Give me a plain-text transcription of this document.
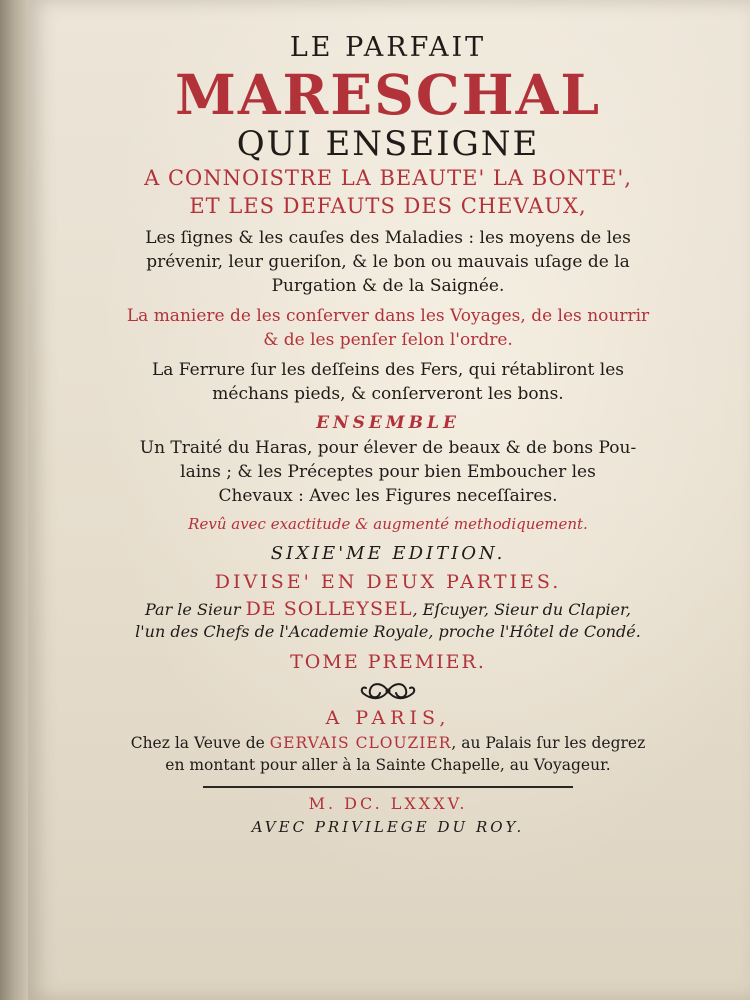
LE PARFAIT
MARESCHAL
QUI ENSEIGNE
A CONNOISTRE LA BEAUTE' LA BONTE',
ET LES DEFAUTS DES CHEVAUX,
Les ſignes & les cauſes des Maladies : les moyens de les
prévenir, leur gueriſon, & le bon ou mauvais uſage de la
Purgation & de la Saignée.
La maniere de les conſerver dans les Voyages, de les nourrir
& de les penſer ſelon l'ordre.
La Ferrure ſur les deſſeins des Fers, qui rétabliront les
méchans pieds, & conſerveront les bons.
ENSEMBLE
Un Traité du Haras, pour élever de beaux & de bons Pou-
lains ; & les Préceptes pour bien Emboucher les
Chevaux : Avec les Figures neceſſaires.
Revû avec exactitude & augmenté methodiquement.
SIXIE'ME EDITION.
DIVISE' EN DEUX PARTIES.
Par le Sieur DE SOLLEYSEL, Eſcuyer, Sieur du Clapier,
l'un des Chefs de l'Academie Royale, proche l'Hôtel de Condé.
TOME PREMIER.
A PARIS,
Chez la Veuve de GERVAIS CLOUZIER, au Palais ſur les degrez
en montant pour aller à la Sainte Chapelle, au Voyageur.
M. DC. LXXXV.
AVEC PRIVILEGE DU ROY.
